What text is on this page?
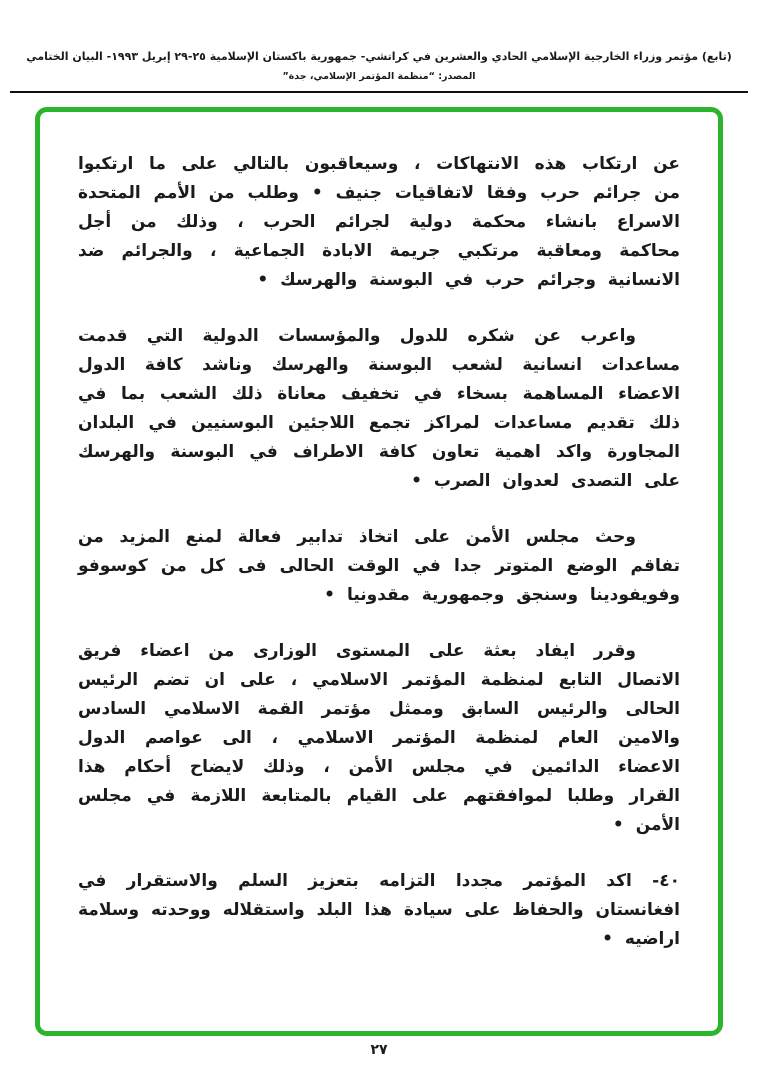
(تابع) مؤتمر وزراء الخارجية الإسلامي الحادي والعشرين في كراتشي- جمهورية باكستان الإسلامية ٢٥-٢٩ إبريل ١٩٩٣- البيان الختامي
المصدر: “منظمة المؤتمر الإسلامي، جدة”

عن ارتكاب هذه الانتهاكات ، وسيعاقبون بالتالي على ما ارتكبوا من جرائم حرب وفقا لاتفاقيات جنيف • وطلب من الأمم المتحدة الاسراع بانشاء محكمة دولية لجرائم الحرب ، وذلك من أجل محاكمة ومعاقبة مرتكبي جريمة الابادة الجماعية ، والجرائم ضد الانسانية وجرائم حرب في البوسنة والهرسك •

واعرب عن شكره للدول والمؤسسات الدولية التي قدمت مساعدات انسانية لشعب البوسنة والهرسك وناشد كافة الدول الاعضاء المساهمة بسخاء في تخفيف معاناة ذلك الشعب بما في ذلك تقديم مساعدات لمراكز تجمع اللاجئين البوسنيين في البلدان المجاورة واكد اهمية تعاون كافة الاطراف في البوسنة والهرسك على التصدى لعدوان الصرب •

وحث مجلس الأمن على اتخاذ تدابير فعالة لمنع المزيد من تفاقم الوضع المتوتر جدا في الوقت الحالى فى كل من كوسوفو وفويفودينا وسنجق وجمهورية مقدونيا •

وقرر ايفاد بعثة على المستوى الوزارى من اعضاء فريق الاتصال التابع لمنظمة المؤتمر الاسلامي ، على ان تضم الرئيس الحالى والرئيس السابق وممثل مؤتمر القمة الاسلامي السادس والامين العام لمنظمة المؤتمر الاسلامي ، الى عواصم الدول الاعضاء الدائمين في مجلس الأمن ، وذلك لايضاح أحكام هذا القرار وطلبا لموافقتهم على القيام بالمتابعة اللازمة في مجلس الأمن •

٤٠- اكد المؤتمر مجددا التزامه بتعزيز السلم والاستقرار في افغانستان والحفاظ على سيادة هذا البلد واستقلاله ووحدته وسلامة اراضيه •

٢٧
